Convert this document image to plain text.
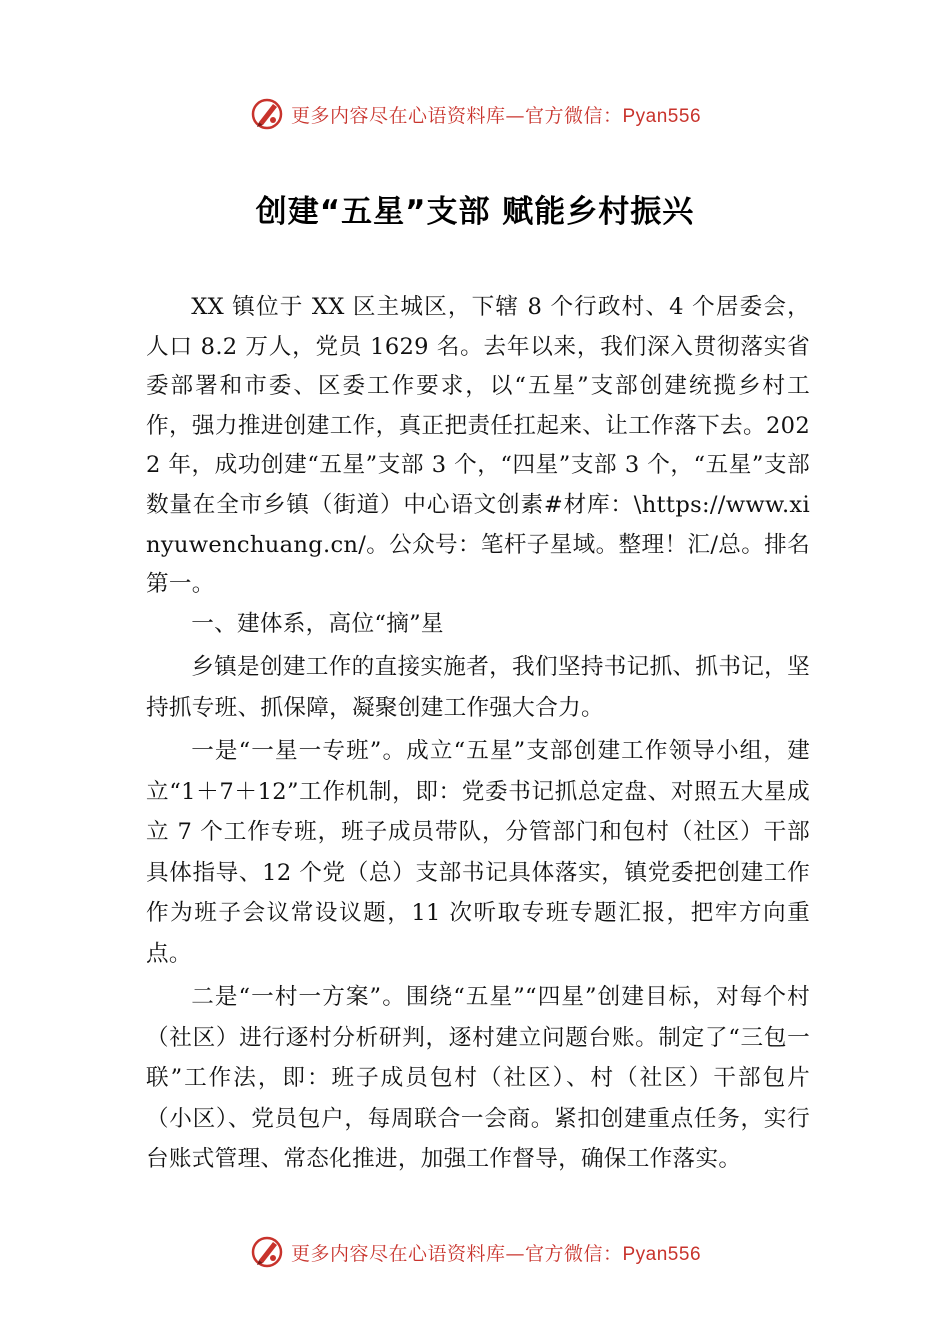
更多内容尽在心语资料库—官方微信：Pyan556
创建“五星”支部 赋能乡村振兴

XX 镇位于 XX 区主城区，下辖 8 个行政村、4 个居委会，人口 8.2 万人，党员 1629 名。去年以来，我们深入贯彻落实省委部署和市委、区委工作要求，以“五星”支部创建统揽乡村工作，强力推进创建工作，真正把责任扛起来、让工作落下去。2022 年，成功创建“五星”支部 3 个，“四星”支部 3 个，“五星”支部数量在全市乡镇（街道）中心语文创素#材库：\https://www.xinyuwenchuang.cn/。公众号：笔杆子星域。整理！汇/总。排名第一。

一、建体系，高位“摘”星

乡镇是创建工作的直接实施者，我们坚持书记抓、抓书记，坚持抓专班、抓保障，凝聚创建工作强大合力。

一是“一星一专班”。成立“五星”支部创建工作领导小组，建立“1＋7＋12”工作机制，即：党委书记抓总定盘、对照五大星成立 7 个工作专班，班子成员带队，分管部门和包村（社区）干部具体指导、12 个党（总）支部书记具体落实，镇党委把创建工作作为班子会议常设议题，11 次听取专班专题汇报，把牢方向重点。

二是“一村一方案”。围绕“五星”“四星”创建目标，对每个村（社区）进行逐村分析研判，逐村建立问题台账。制定了“三包一联”工作法，即：班子成员包村（社区）、村（社区）干部包片（小区）、党员包户，每周联合一会商。紧扣创建重点任务，实行台账式管理、常态化推进，加强工作督导，确保工作落实。

更多内容尽在心语资料库—官方微信：Pyan556
